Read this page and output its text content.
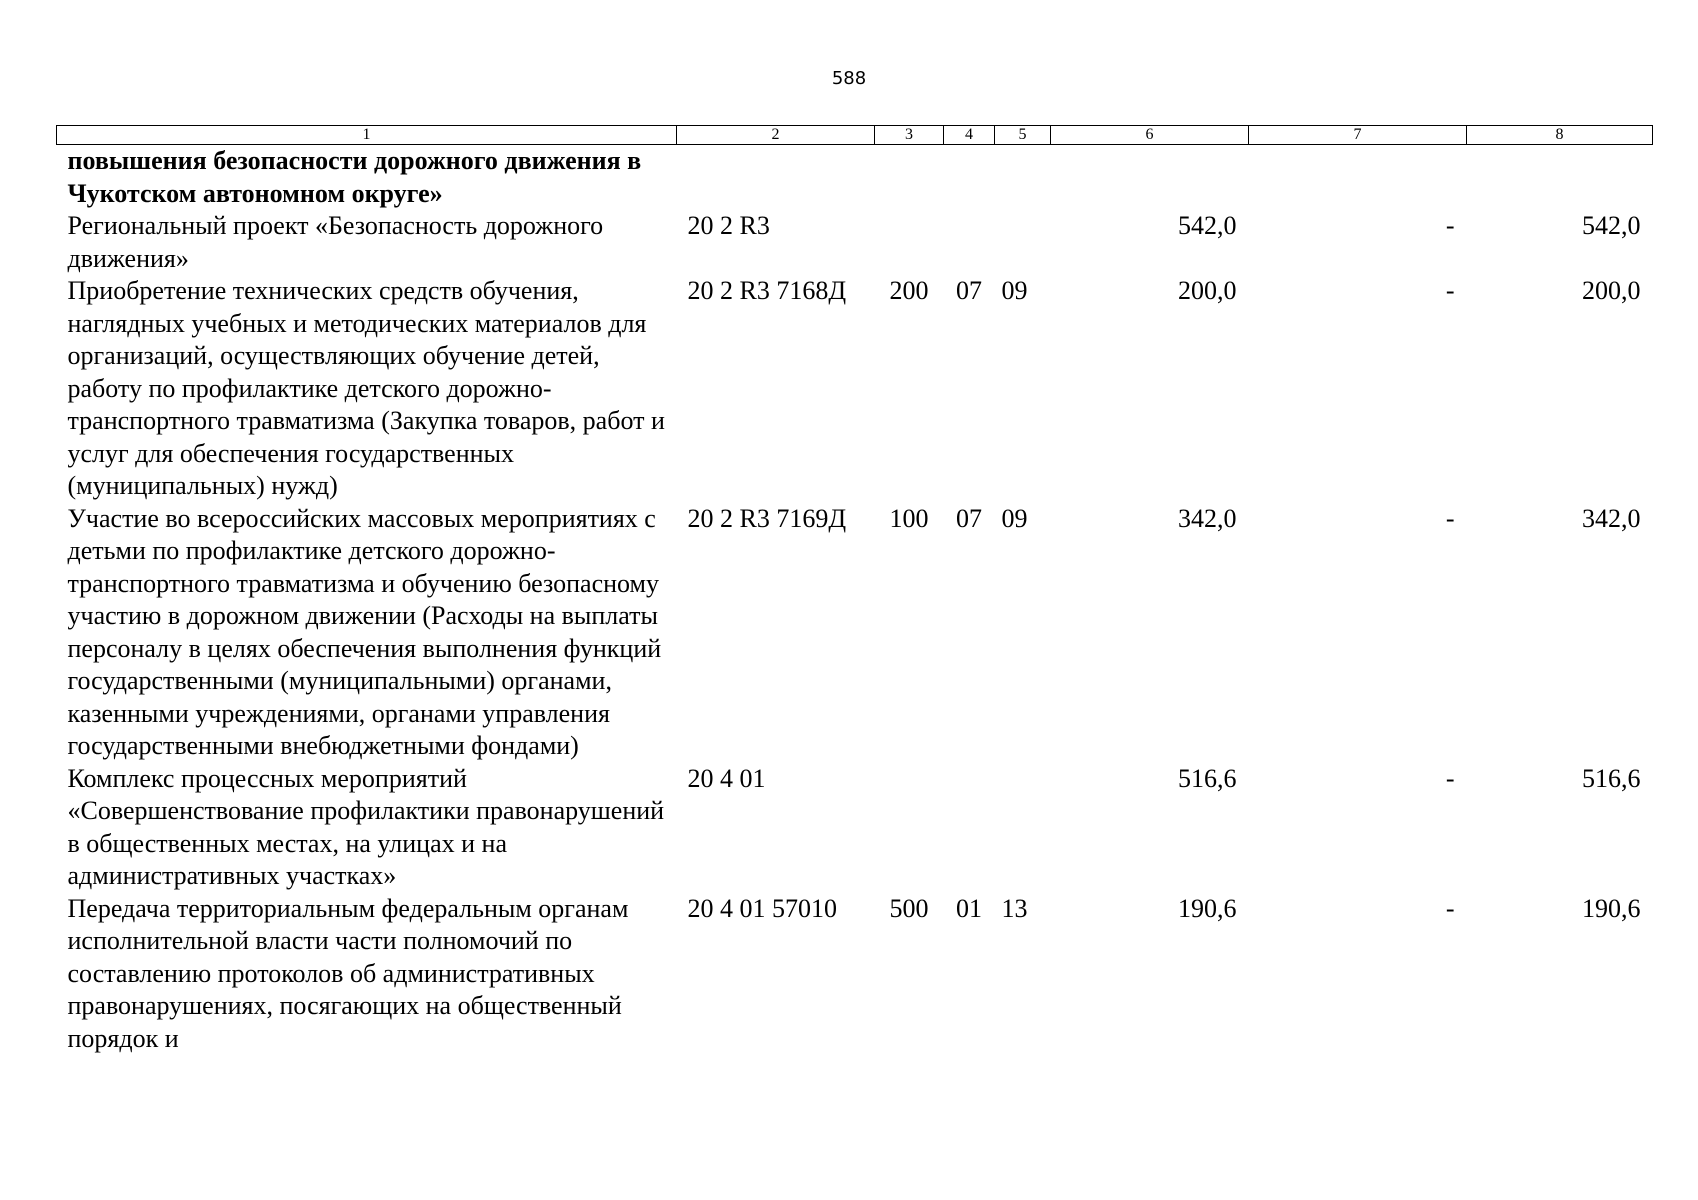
588
1	2	3	4	5	6	7	8
повышения безопасности дорожного движения в Чукотском автономном округе»							
Региональный проект «Безопасность дорожного движения»	20 2 R3				542,0	-	542,0
Приобретение технических средств обучения, наглядных учебных и методических материалов для организаций, осуществляющих обучение детей, работу по профилактике детского дорожно-транспортного травматизма (Закупка товаров, работ и услуг для обеспечения государственных (муниципальных) нужд)	20 2 R3 7168Д	200	07	09	200,0	-	200,0
Участие во всероссийских массовых мероприятиях с детьми по профилактике детского дорожно-транспортного травматизма и обучению безопасному участию в дорожном движении (Расходы на выплаты персоналу в целях обеспечения выполнения функций государственными (муниципальными) органами, казенными учреждениями, органами управления государственными внебюджетными фондами)	20 2 R3 7169Д	100	07	09	342,0	-	342,0
Комплекс процессных мероприятий «Совершенствование профилактики правонарушений в общественных местах, на улицах и на административных участках»	20 4 01				516,6	-	516,6
Передача территориальным федеральным органам исполнительной власти части полномочий по составлению протоколов об административных правонарушениях, посягающих на общественный порядок и	20 4 01 57010	500	01	13	190,6	-	190,6
